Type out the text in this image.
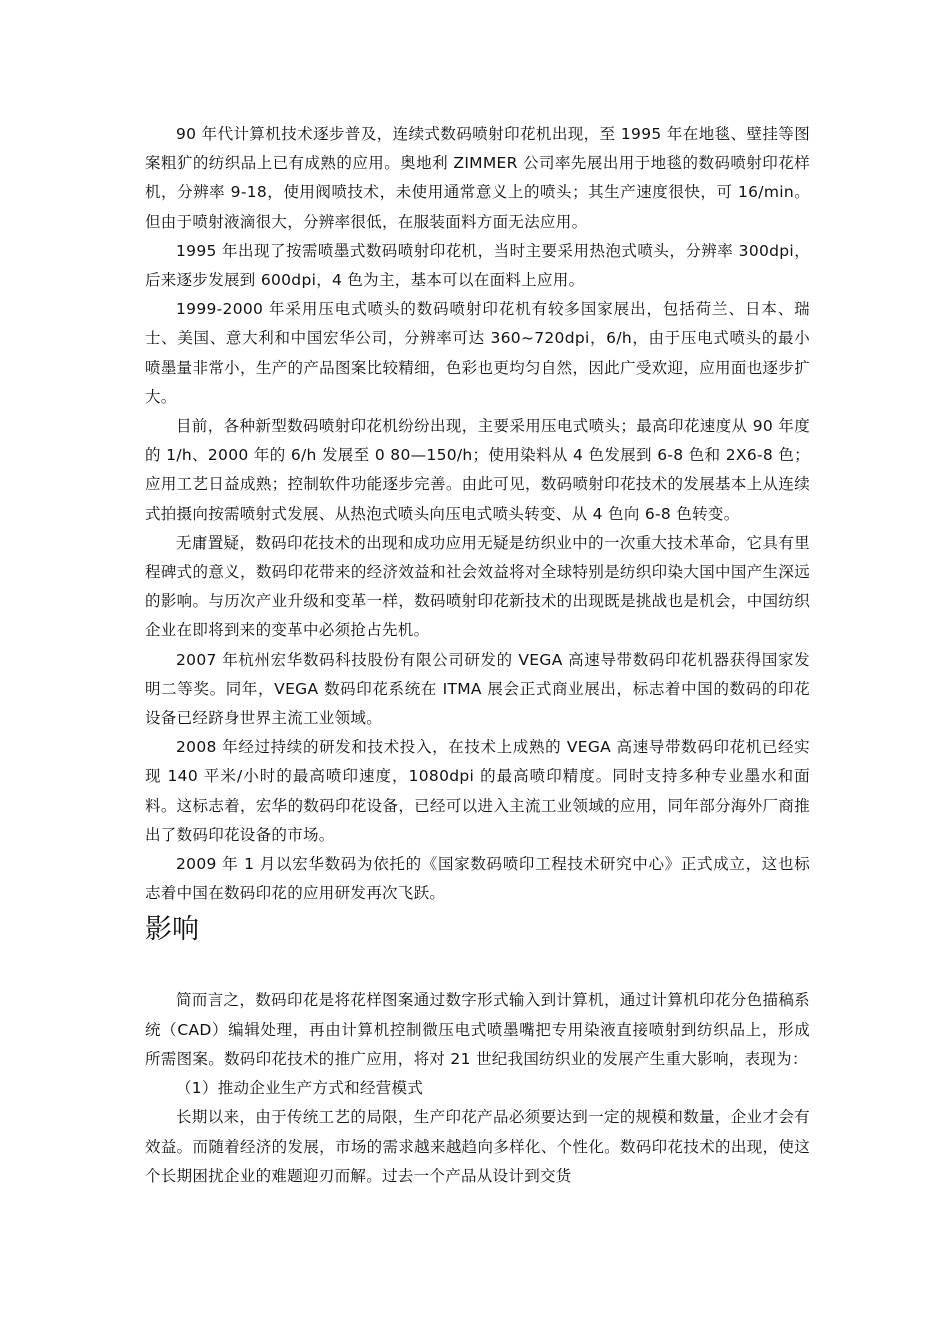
90 年代计算机技术逐步普及，连续式数码喷射印花机出现，至 1995 年在地毯、壁挂等图案粗犷的纺织品上已有成熟的应用。奥地利 ZIMMER 公司率先展出用于地毯的数码喷射印花样机，分辨率 9-18，使用阀喷技术，未使用通常意义上的喷头；其生产速度很快，可 16/min。但由于喷射液滴很大，分辨率很低，在服装面料方面无法应用。

1995 年出现了按需喷墨式数码喷射印花机，当时主要采用热泡式喷头，分辨率 300dpi，后来逐步发展到 600dpi，4 色为主，基本可以在面料上应用。

1999-2000 年采用压电式喷头的数码喷射印花机有较多国家展出，包括荷兰、日本、瑞士、美国、意大利和中国宏华公司，分辨率可达 360~720dpi，6/h，由于压电式喷头的最小喷墨量非常小，生产的产品图案比较精细，色彩也更均匀自然，因此广受欢迎，应用面也逐步扩大。

目前，各种新型数码喷射印花机纷纷出现，主要采用压电式喷头；最高印花速度从 90 年度的 1/h、2000 年的 6/h 发展至 0 80—150/h；使用染料从 4 色发展到 6-8 色和 2X6-8 色；应用工艺日益成熟；控制软件功能逐步完善。由此可见，数码喷射印花技术的发展基本上从连续式拍摄向按需喷射式发展、从热泡式喷头向压电式喷头转变、从 4 色向 6-8 色转变。

无庸置疑，数码印花技术的出现和成功应用无疑是纺织业中的一次重大技术革命，它具有里程碑式的意义，数码印花带来的经济效益和社会效益将对全球特别是纺织印染大国中国产生深远的影响。与历次产业升级和变革一样，数码喷射印花新技术的出现既是挑战也是机会，中国纺织企业在即将到来的变革中必须抢占先机。

2007 年杭州宏华数码科技股份有限公司研发的 VEGA 高速导带数码印花机器获得国家发明二等奖。同年，VEGA 数码印花系统在 ITMA 展会正式商业展出，标志着中国的数码的印花设备已经跻身世界主流工业领域。

2008 年经过持续的研发和技术投入，在技术上成熟的 VEGA 高速导带数码印花机已经实现 140 平米/小时的最高喷印速度，1080dpi 的最高喷印精度。同时支持多种专业墨水和面料。这标志着，宏华的数码印花设备，已经可以进入主流工业领域的应用，同年部分海外厂商推出了数码印花设备的市场。

2009 年 1 月以宏华数码为依托的《国家数码喷印工程技术研究中心》正式成立，这也标志着中国在数码印花的应用研发再次飞跃。

影响

简而言之，数码印花是将花样图案通过数字形式输入到计算机，通过计算机印花分色描稿系统（CAD）编辑处理，再由计算机控制微压电式喷墨嘴把专用染液直接喷射到纺织品上，形成所需图案。数码印花技术的推广应用，将对 21 世纪我国纺织业的发展产生重大影响，表现为：

（1）推动企业生产方式和经营模式

长期以来，由于传统工艺的局限，生产印花产品必须要达到一定的规模和数量，企业才会有效益。而随着经济的发展，市场的需求越来越趋向多样化、个性化。数码印花技术的出现，使这个长期困扰企业的难题迎刃而解。过去一个产品从设计到交货
